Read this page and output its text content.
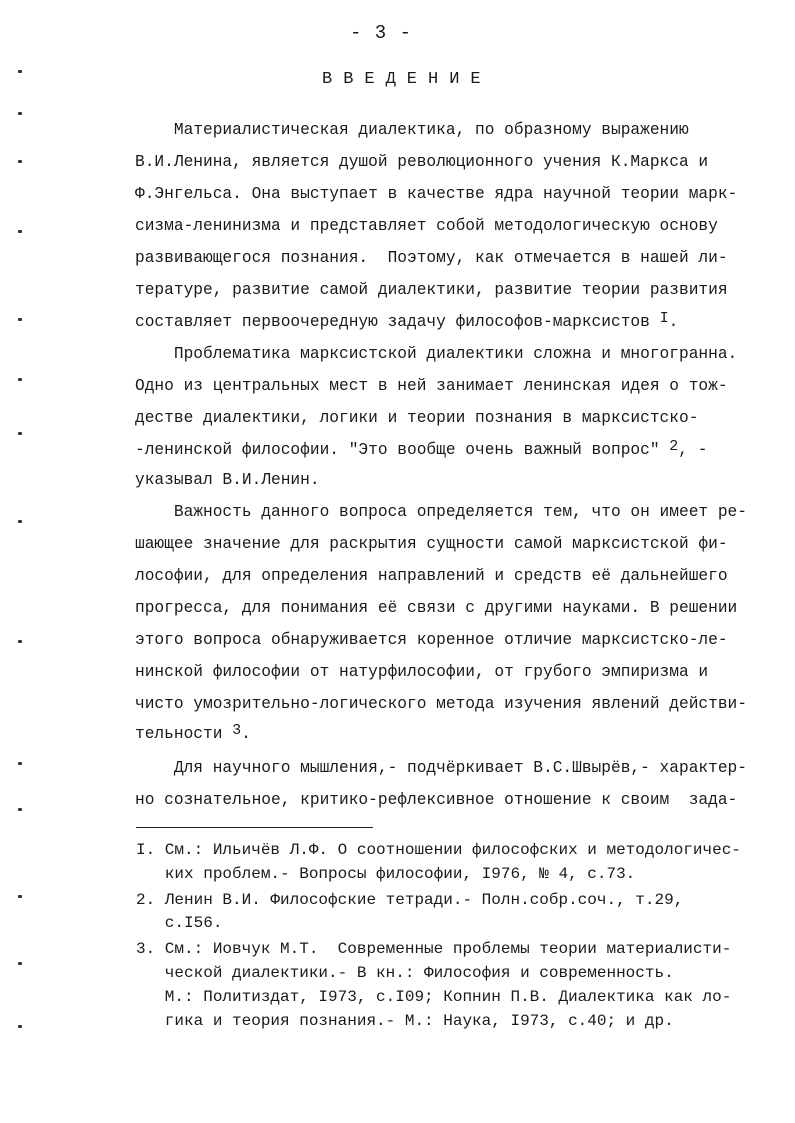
- 3 -
ВВЕДЕНИЕ
Материалистическая диалектика, по образному выражению
В.И.Ленина, является душой революционного учения К.Маркса и
Ф.Энгельса. Она выступает в качестве ядра научной теории марк-
сизма-ленинизма и представляет собой методологическую основу
развивающегося познания.  Поэтому, как отмечается в нашей ли-
тературе, развитие самой диалектики, развитие теории развития
составляет первоочередную задачу философов-марксистов $^I$.
Проблематика марксистской диалектики сложна и многогранна.
Одно из центральных мест в ней занимает ленинская идея о тож-
дестве диалектики, логики и теории познания в марксистско-
-ленинской философии. "Это вообще очень важный вопрос" $^2$, -
указывал В.И.Ленин.
Важность данного вопроса определяется тем, что он имеет ре-
шающее значение для раскрытия сущности самой марксистской фи-
лософии, для определения направлений и средств её дальнейшего
прогресса, для понимания её связи с другими науками. В решении
этого вопроса обнаруживается коренное отличие марксистско-ле-
нинской философии от натурфилософии, от грубого эмпиризма и
чисто умозрительно-логического метода изучения явлений действи-
тельности $^3$.
Для научного мышления,- подчёркивает В.С.Швырёв,- характер-
но сознательное, критико-рефлексивное отношение к своим  зада-
I. См.: Ильичёв Л.Ф. О соотношении философских и методологичес-
ких проблем.- Вопросы философии, I976, № 4, с.73.
2. Ленин В.И. Философские тетради.- Полн.собр.соч., т.29,
с.I56.
3. См.: Иовчук М.Т.  Современные проблемы теории материалисти-
ческой диалектики.- В кн.: Философия и современность.
М.: Политиздат, I973, с.I09; Копнин П.В. Диалектика как ло-
гика и теория познания.- М.: Наука, I973, с.40; и др.
